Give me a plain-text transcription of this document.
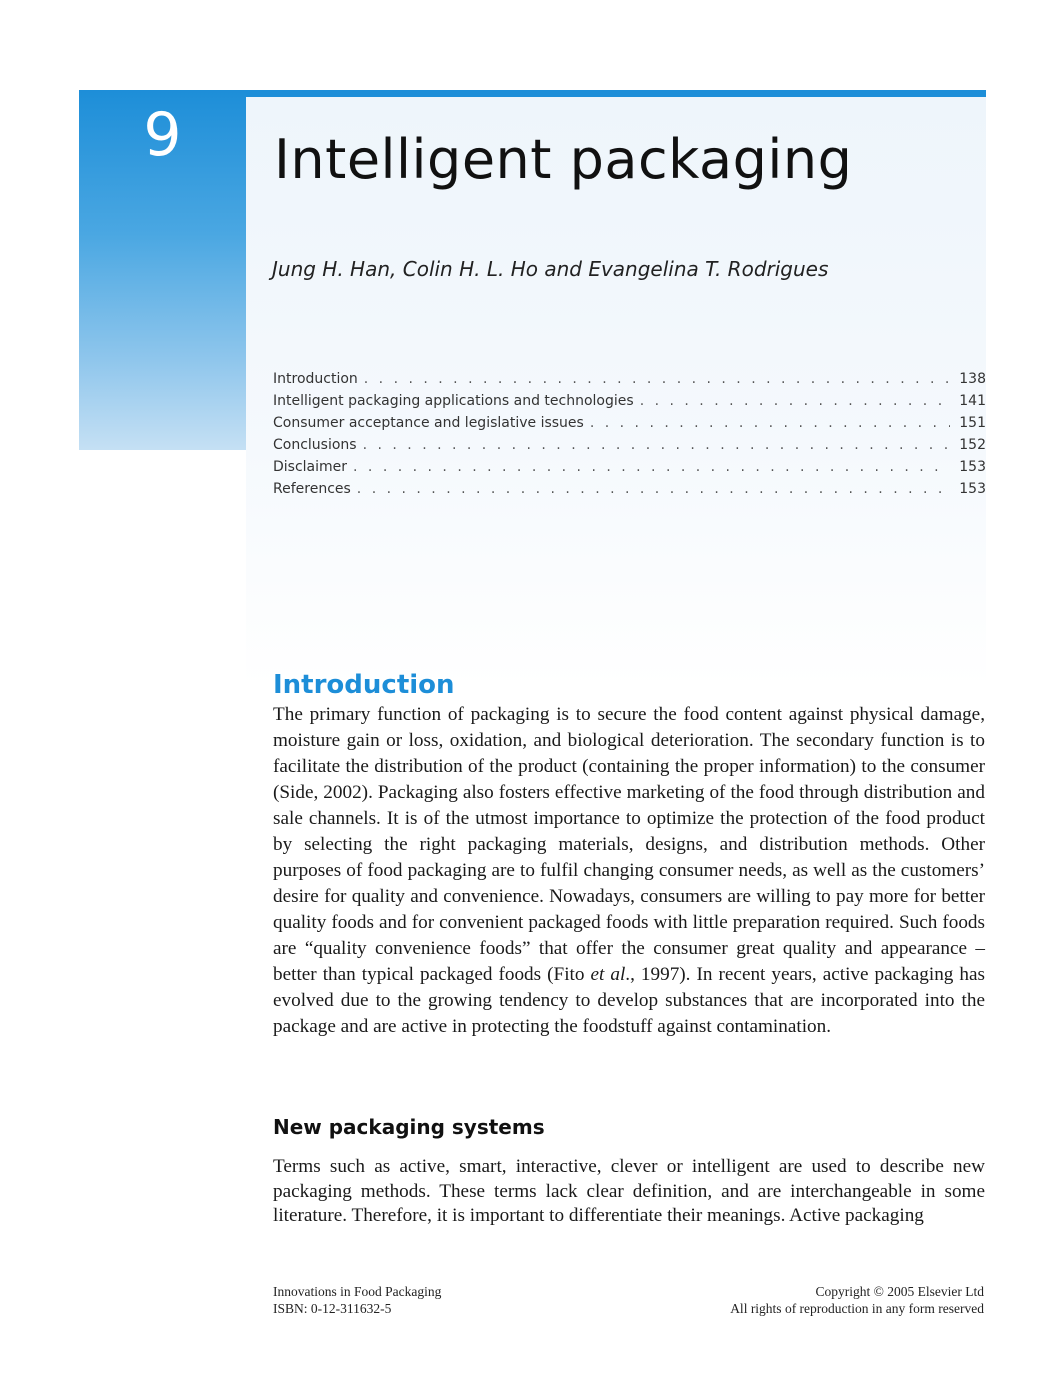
9	Intelligent packaging
Jung H. Han, Colin H. L. Ho and Evangelina T. Rodrigues
Introduction . . .	138
Intelligent packaging applications and technologies . . .	141
Consumer acceptance and legislative issues . . .	151
Conclusions . . .	152
Disclaimer . . .	153
References . . .	153
Introduction

The primary function of packaging is to secure the food content against physical damage, moisture gain or loss, oxidation, and biological deterioration. The secondary function is to facilitate the distribution of the product (containing the proper information) to the consumer (Side, 2002). Packaging also fosters effective marketing of the food through distribution and sale channels. It is of the utmost importance to optimize the protection of the food product by selecting the right packaging materials, designs, and distribution methods. Other purposes of food packaging are to fulfil changing consumer needs, as well as the customers’ desire for quality and convenience. Nowadays, consumers are willing to pay more for better quality foods and for convenient packaged foods with little preparation required. Such foods are “quality convenience foods” that offer the consumer great quality and appearance – better than typical packaged foods (Fito et al., 1997). In recent years, active packaging has evolved due to the growing tendency to develop substances that are incorporated into the package and are active in protecting the foodstuff against contamination.

New packaging systems

Terms such as active, smart, interactive, clever or intelligent are used to describe new packaging methods. These terms lack clear definition, and are interchangeable in some literature. Therefore, it is important to differentiate their meanings. Active packaging

Innovations in Food Packaging
ISBN: 0-12-311632-5
Copyright © 2005 Elsevier Ltd
All rights of reproduction in any form reserved
